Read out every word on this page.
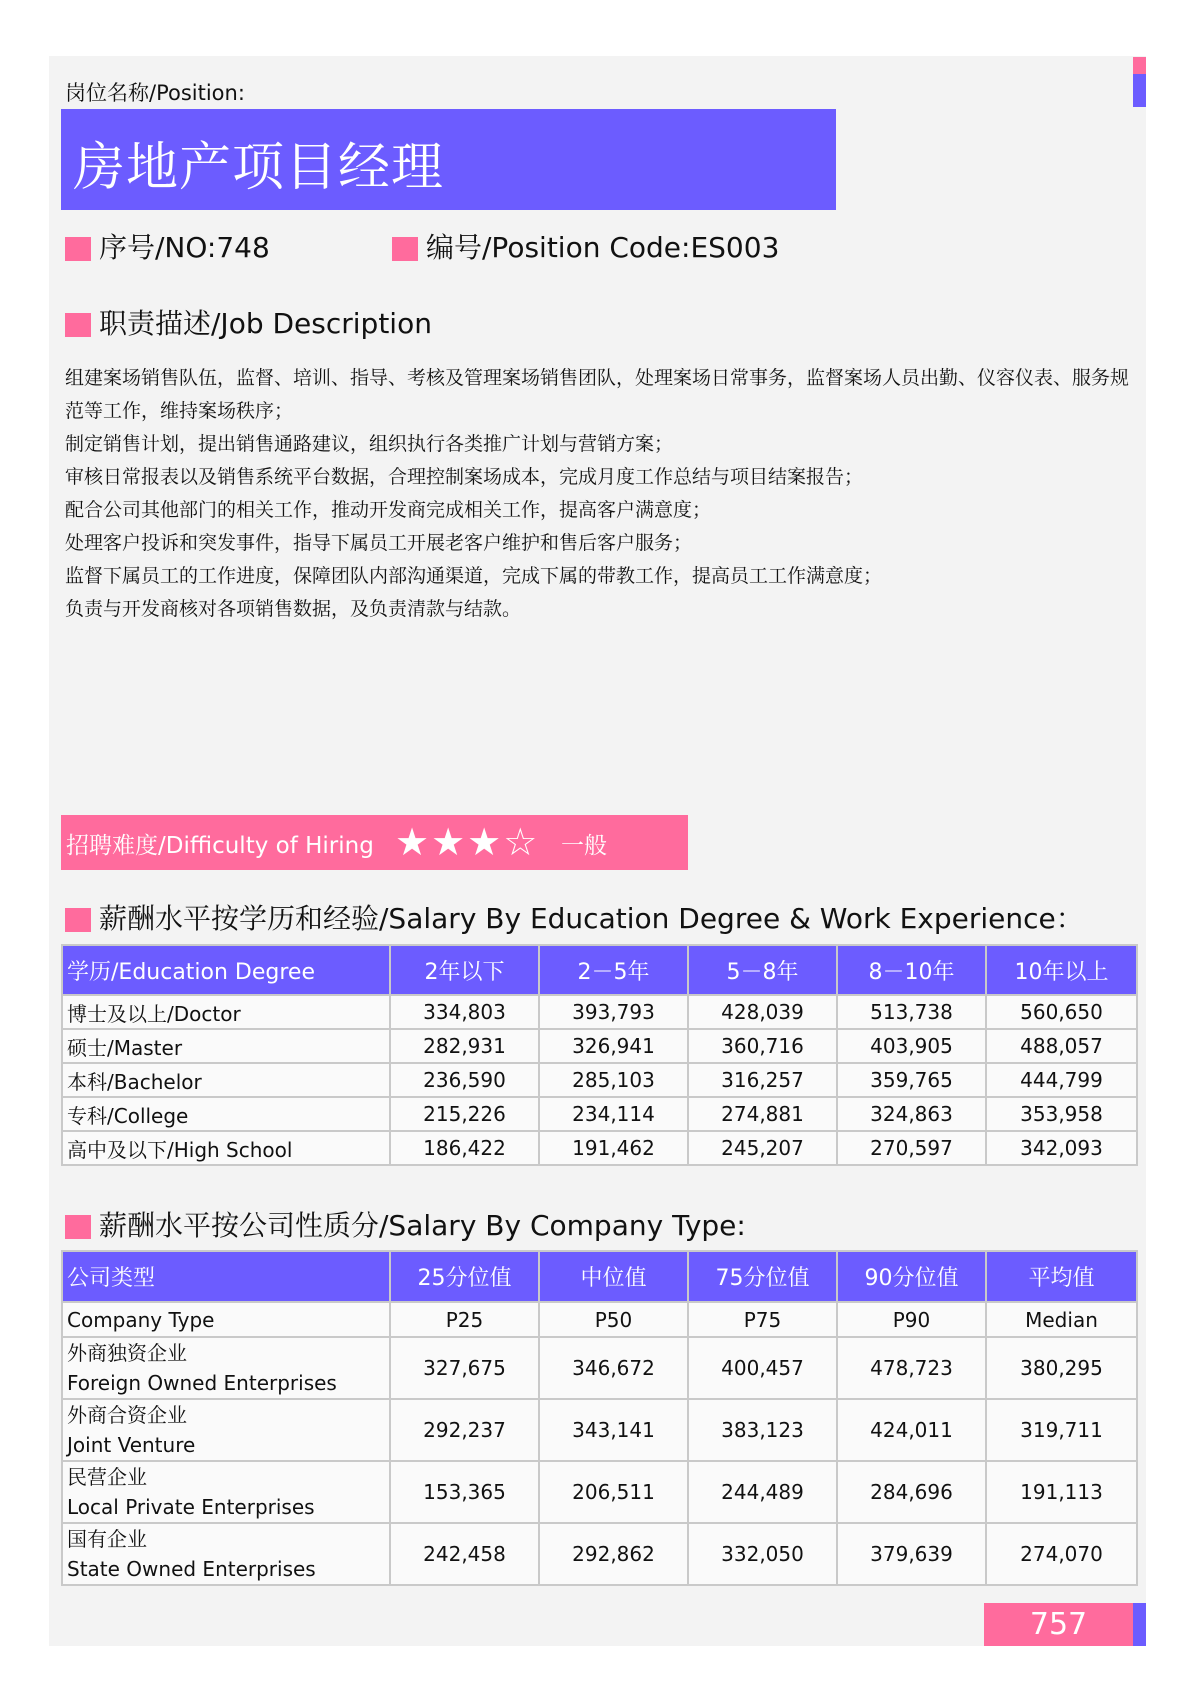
岗位名称/Position:
房地产项目经理
序号/NO:748	编号/Position Code:ES003
职责描述/Job Description

组建案场销售队伍，监督、培训、指导、考核及管理案场销售团队，处理案场日常事务，监督案场人员出勤、仪容仪表、服务规范等工作，维持案场秩序；

制定销售计划，提出销售通路建议，组织执行各类推广计划与营销方案；

审核日常报表以及销售系统平台数据，合理控制案场成本，完成月度工作总结与项目结案报告；

配合公司其他部门的相关工作，推动开发商完成相关工作，提高客户满意度；

处理客户投诉和突发事件，指导下属员工开展老客户维护和售后客户服务；

监督下属员工的工作进度，保障团队内部沟通渠道，完成下属的带教工作，提高员工工作满意度；

负责与开发商核对各项销售数据，及负责清款与结款。

招聘难度/Difficulty of Hiring ★★★☆ 一般
薪酬水平按学历和经验/Salary By Education Degree & Work Experience：
学历/Education Degree	2年以下	2－5年	5－8年	8－10年	10年以上
博士及以上/Doctor	334,803	393,793	428,039	513,738	560,650
硕士/Master	282,931	326,941	360,716	403,905	488,057
本科/Bachelor	236,590	285,103	316,257	359,765	444,799
专科/College	215,226	234,114	274,881	324,863	353,958
高中及以下/High School	186,422	191,462	245,207	270,597	342,093
薪酬水平按公司性质分/Salary By Company Type:
公司类型	25分位值	中位值	75分位值	90分位值	平均值
Company Type	P25	P50	P75	P90	Median

外商独资企业
Foreign Owned Enterprises	327,675	346,672	400,457	478,723	380,295

外商合资企业
Joint Venture	292,237	343,141	383,123	424,011	319,711

民营企业
Local Private Enterprises	153,365	206,511	244,489	284,696	191,113

国有企业
State Owned Enterprises	242,458	292,862	332,050	379,639	274,070
757
